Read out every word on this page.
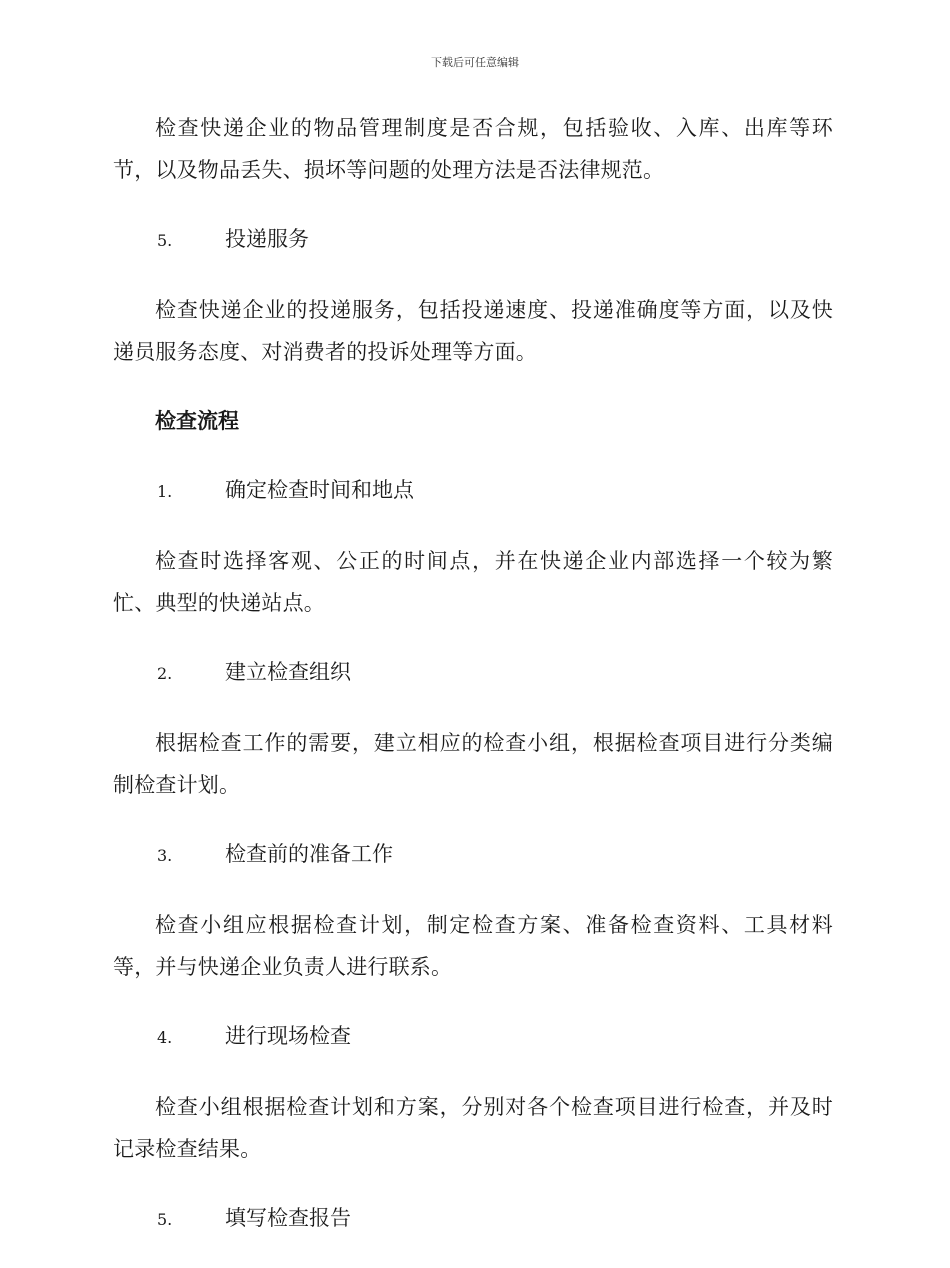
下载后可任意编辑

检查快递企业的物品管理制度是否合规，包括验收、入库、出库等环节，以及物品丢失、损坏等问题的处理方法是否法律规范。

5.	投递服务

检查快递企业的投递服务，包括投递速度、投递准确度等方面，以及快递员服务态度、对消费者的投诉处理等方面。

检查流程
1.	确定检查时间和地点

检查时选择客观、公正的时间点，并在快递企业内部选择一个较为繁忙、典型的快递站点。

2.	建立检查组织

根据检查工作的需要，建立相应的检查小组，根据检查项目进行分类编制检查计划。

3.	检查前的准备工作

检查小组应根据检查计划，制定检查方案、准备检查资料、工具材料等，并与快递企业负责人进行联系。

4.	进行现场检查

检查小组根据检查计划和方案，分别对各个检查项目进行检查，并及时记录检查结果。

5.	填写检查报告
